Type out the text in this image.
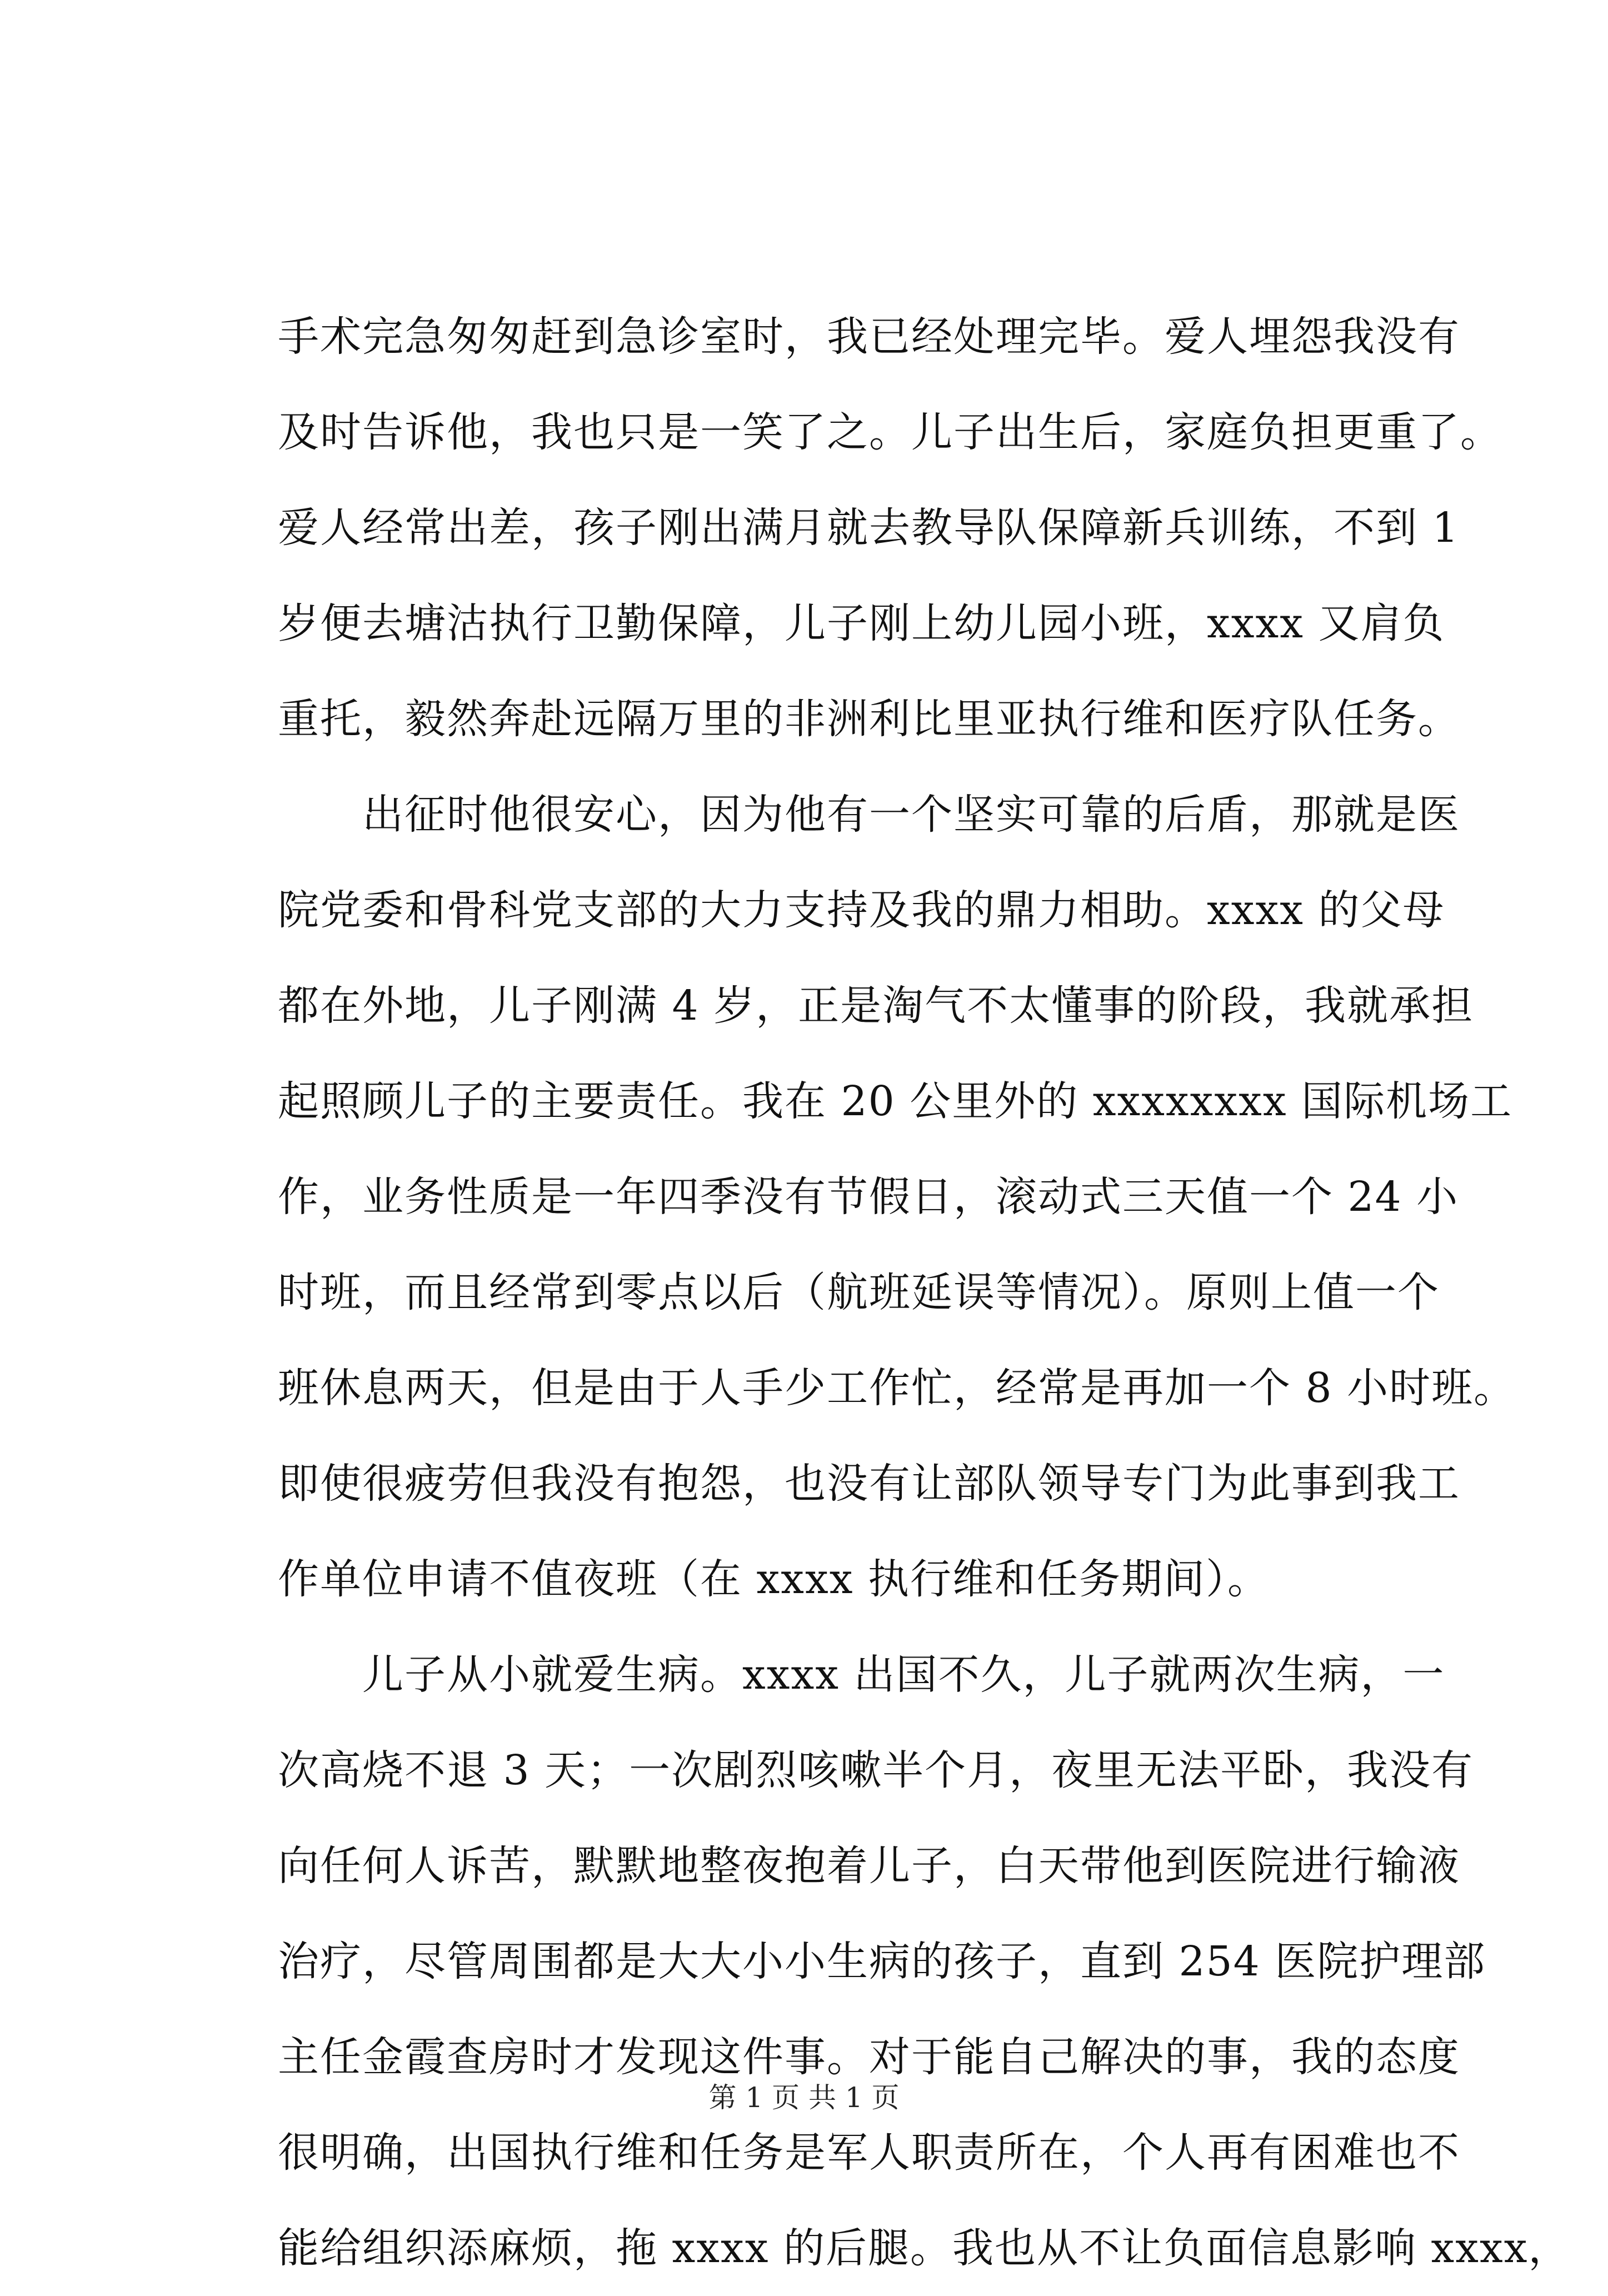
手术完急匆匆赶到急诊室时，我已经处理完毕。爱人埋怨我没有
及时告诉他，我也只是一笑了之。儿子出生后，家庭负担更重了。
爱人经常出差，孩子刚出满月就去教导队保障新兵训练，不到 1
岁便去塘沽执行卫勤保障，儿子刚上幼儿园小班，xxxx 又肩负
重托，毅然奔赴远隔万里的非洲利比里亚执行维和医疗队任务。
　　出征时他很安心，因为他有一个坚实可靠的后盾，那就是医
院党委和骨科党支部的大力支持及我的鼎力相助。xxxx 的父母
都在外地，儿子刚满 4 岁，正是淘气不太懂事的阶段，我就承担
起照顾儿子的主要责任。我在 20 公里外的 xxxxxxxx 国际机场工
作，业务性质是一年四季没有节假日，滚动式三天值一个 24 小
时班，而且经常到零点以后（航班延误等情况）。原则上值一个
班休息两天，但是由于人手少工作忙，经常是再加一个 8 小时班。
即使很疲劳但我没有抱怨，也没有让部队领导专门为此事到我工
作单位申请不值夜班（在 xxxx 执行维和任务期间）。
　　儿子从小就爱生病。xxxx 出国不久，儿子就两次生病，一
次高烧不退 3 天；一次剧烈咳嗽半个月，夜里无法平卧，我没有
向任何人诉苦，默默地整夜抱着儿子，白天带他到医院进行输液
治疗，尽管周围都是大大小小生病的孩子，直到 254 医院护理部
主任金霞查房时才发现这件事。对于能自己解决的事，我的态度
很明确，出国执行维和任务是军人职责所在，个人再有困难也不
能给组织添麻烦，拖 xxxx 的后腿。我也从不让负面信息影响 xxxx，
第 1 页 共 1 页
